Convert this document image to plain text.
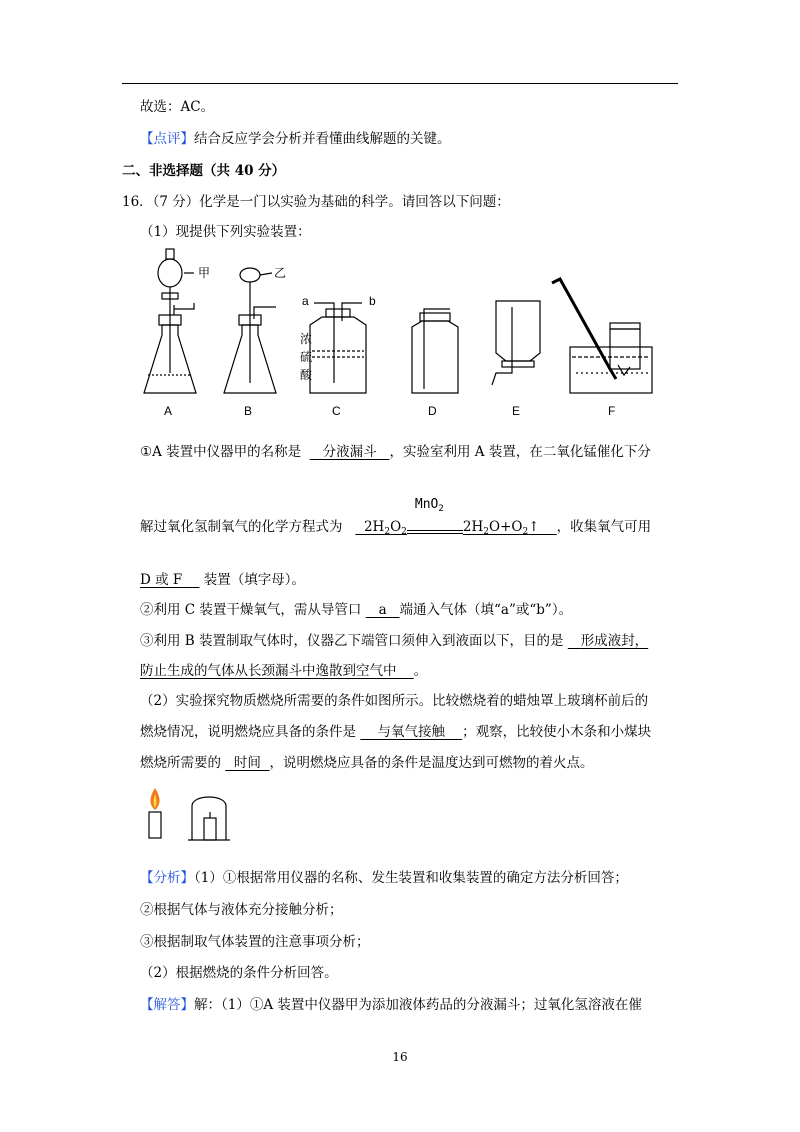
故选：AC。
【点评】结合反应学会分析并看懂曲线解题的关键。
二、非选择题（共 40 分）
16．（7 分）化学是一门以实验为基础的科学。请回答以下问题：
（1）现提供下列实验装置：
甲	乙
a	b
浓
硫
酸
A	B	C	D	E	F
①A 装置中仪器甲的名称是 分液漏斗 ，实验室利用 A 装置，在二氧化锰催化下分
解过氧化氢制氧气的化学方程式为 $2H_2O_2$
MnO$_2$
$2H_2O+O_2↑$ ，收集氧气可用
D 或 F 装置（填字母）。
②利用 C 装置干燥氧气，需从导管口 a 端通入气体（填“a”或“b”）。
③利用 B 装置制取气体时，仪器乙下端管口须伸入到液面以下，目的是 形成液封，
防止生成的气体从长颈漏斗中逸散到空气中 。
（2）实验探究物质燃烧所需要的条件如图所示。比较燃烧着的蜡烛罩上玻璃杯前后的
燃烧情况，说明燃烧应具备的条件是 与氧气接触 ；观察，比较使小木条和小煤块
燃烧所需要的 时间 ，说明燃烧应具备的条件是温度达到可燃物的着火点。
【分析】（1）①根据常用仪器的名称、发生装置和收集装置的确定方法分析回答；
②根据气体与液体充分接触分析；
③根据制取气体装置的注意事项分析；
（2）根据燃烧的条件分析回答。
【解答】解：（1）①A 装置中仪器甲为添加液体药品的分液漏斗；过氧化氢溶液在催
16
